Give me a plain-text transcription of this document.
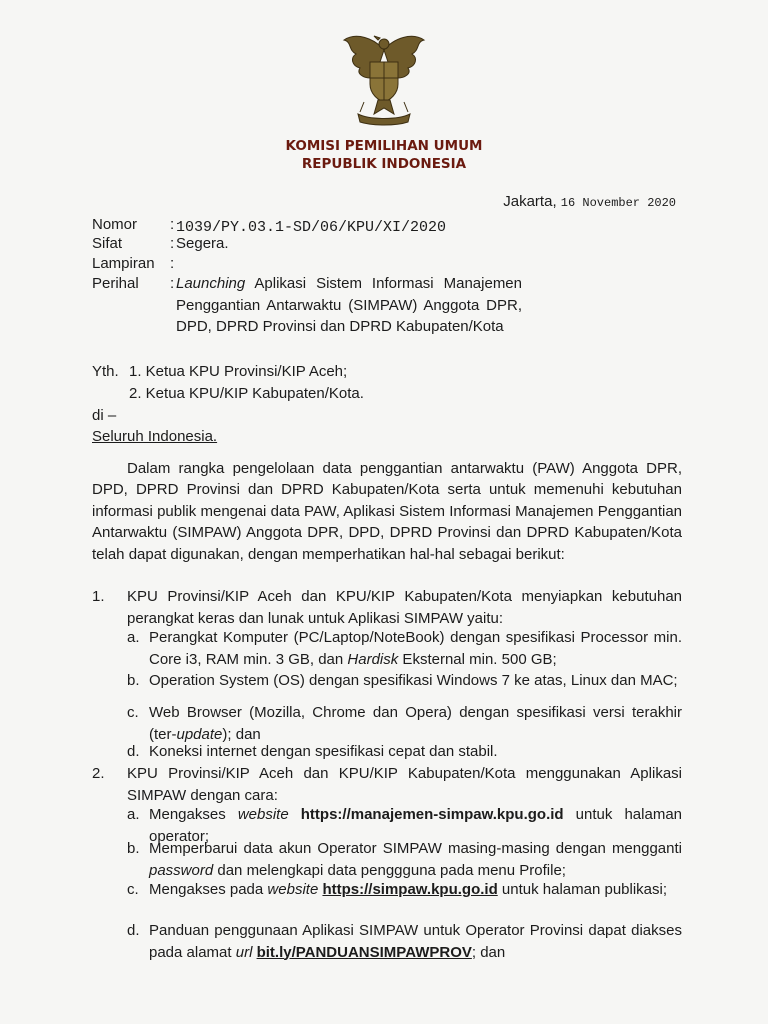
KOMISI PEMILIHAN UMUM
REPUBLIK INDONESIA
Jakarta, 16 November 2020
Nomor : 1039/PY.03.1-SD/06/KPU/XI/2020
Sifat	: Segera.
Lampiran :
Perihal : Launching Aplikasi Sistem Informasi Manajemen Penggantian Antarwaktu (SIMPAW) Anggota DPR, DPD, DPRD Provinsi dan DPRD Kabupaten/Kota
Yth. 1. Ketua KPU Provinsi/KIP Aceh;
2. Ketua KPU/KIP Kabupaten/Kota.
di –
Seluruh Indonesia.
Dalam rangka pengelolaan data penggantian antarwaktu (PAW) Anggota DPR, DPD, DPRD Provinsi dan DPRD Kabupaten/Kota serta untuk memenuhi kebutuhan informasi publik mengenai data PAW, Aplikasi Sistem Informasi Manajemen Penggantian Antarwaktu (SIMPAW) Anggota DPR, DPD, DPRD Provinsi dan DPRD Kabupaten/Kota telah dapat digunakan, dengan memperhatikan hal-hal sebagai berikut:
1. KPU Provinsi/KIP Aceh dan KPU/KIP Kabupaten/Kota menyiapkan kebutuhan perangkat keras dan lunak untuk Aplikasi SIMPAW yaitu:
a. Perangkat Komputer (PC/Laptop/NoteBook) dengan spesifikasi Processor min. Core i3, RAM min. 3 GB, dan Hardisk Eksternal min. 500 GB;
b. Operation System (OS) dengan spesifikasi Windows 7 ke atas, Linux dan MAC;
c. Web Browser (Mozilla, Chrome dan Opera) dengan spesifikasi versi terakhir (ter-update); dan
d. Koneksi internet dengan spesifikasi cepat dan stabil.
2. KPU Provinsi/KIP Aceh dan KPU/KIP Kabupaten/Kota menggunakan Aplikasi SIMPAW dengan cara:
a. Mengakses website https://manajemen-simpaw.kpu.go.id untuk halaman operator;
b. Memperbarui data akun Operator SIMPAW masing-masing dengan mengganti password dan melengkapi data penggguna pada menu Profile;
c. Mengakses pada website https://simpaw.kpu.go.id untuk halaman publikasi;
d. Panduan penggunaan Aplikasi SIMPAW untuk Operator Provinsi dapat diakses pada alamat url bit.ly/PANDUANSIMPAWPROV; dan
